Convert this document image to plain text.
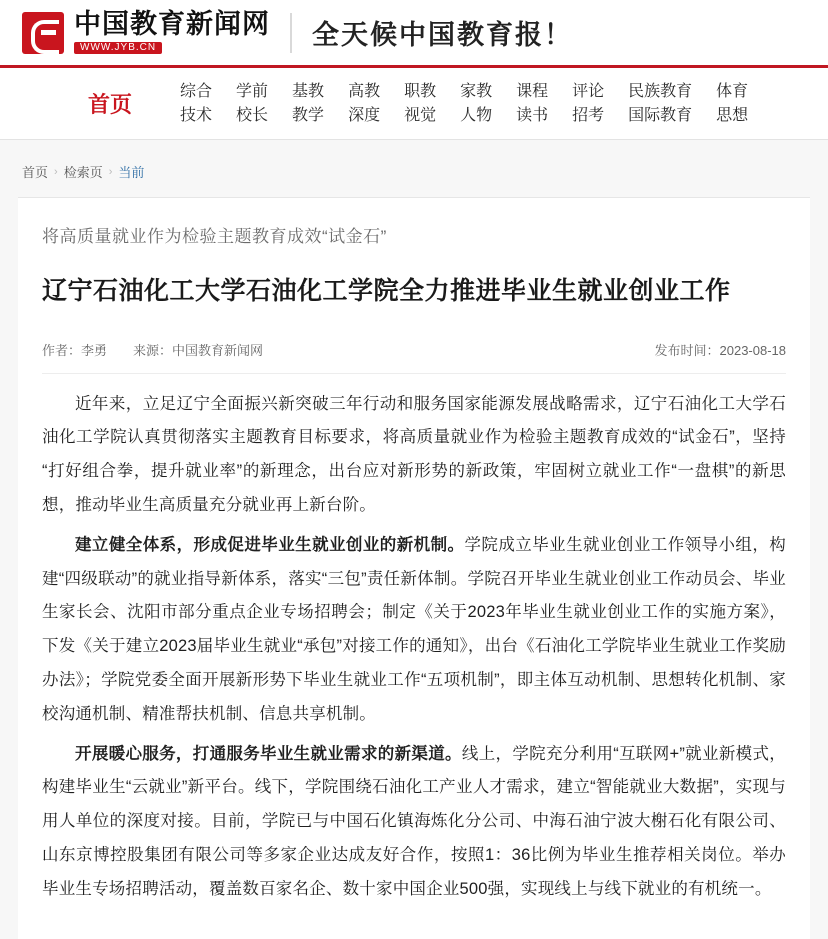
中国教育新闻网
WWW.JYB.CN	全天候中国教育报！
首页
综合
技术
学前
校长
基教
教学
高教
深度
职教
视觉
家教
人物
课程
读书
评论
招考
民族教育
国际教育
体育
思想
首页 › 检索页 › 当前
将高质量就业作为检验主题教育成效“试金石”
辽宁石油化工大学石油化工学院全力推进毕业生就业创业工作
作者：李勇 来源：中国教育新闻网	发布时间：2023-08-18

近年来，立足辽宁全面振兴新突破三年行动和服务国家能源发展战略需求，辽宁石油化工大学石油化工学院认真贯彻落实主题教育目标要求，将高质量就业作为检验主题教育成效的“试金石”，坚持“打好组合拳，提升就业率”的新理念，出台应对新形势的新政策，牢固树立就业工作“一盘棋”的新思想，推动毕业生高质量充分就业再上新台阶。

建立健全体系，形成促进毕业生就业创业的新机制。学院成立毕业生就业创业工作领导小组，构建“四级联动”的就业指导新体系，落实“三包”责任新体制。学院召开毕业生就业创业工作动员会、毕业生家长会、沈阳市部分重点企业专场招聘会；制定《关于2023年毕业生就业创业工作的实施方案》，下发《关于建立2023届毕业生就业“承包”对接工作的通知》，出台《石油化工学院毕业生就业工作奖励办法》；学院党委全面开展新形势下毕业生就业工作“五项机制”，即主体互动机制、思想转化机制、家校沟通机制、精准帮扶机制、信息共享机制。

开展暖心服务，打通服务毕业生就业需求的新渠道。线上，学院充分利用“互联网+”就业新模式，构建毕业生“云就业”新平台。线下，学院围绕石油化工产业人才需求，建立“智能就业大数据”，实现与用人单位的深度对接。目前，学院已与中国石化镇海炼化分公司、中海石油宁波大榭石化有限公司、山东京博控股集团有限公司等多家企业达成友好合作，按照1：36比例为毕业生推荐相关岗位。举办毕业生专场招聘活动，覆盖数百家名企、数十家中国企业500强，实现线上与线下就业的有机统一。
